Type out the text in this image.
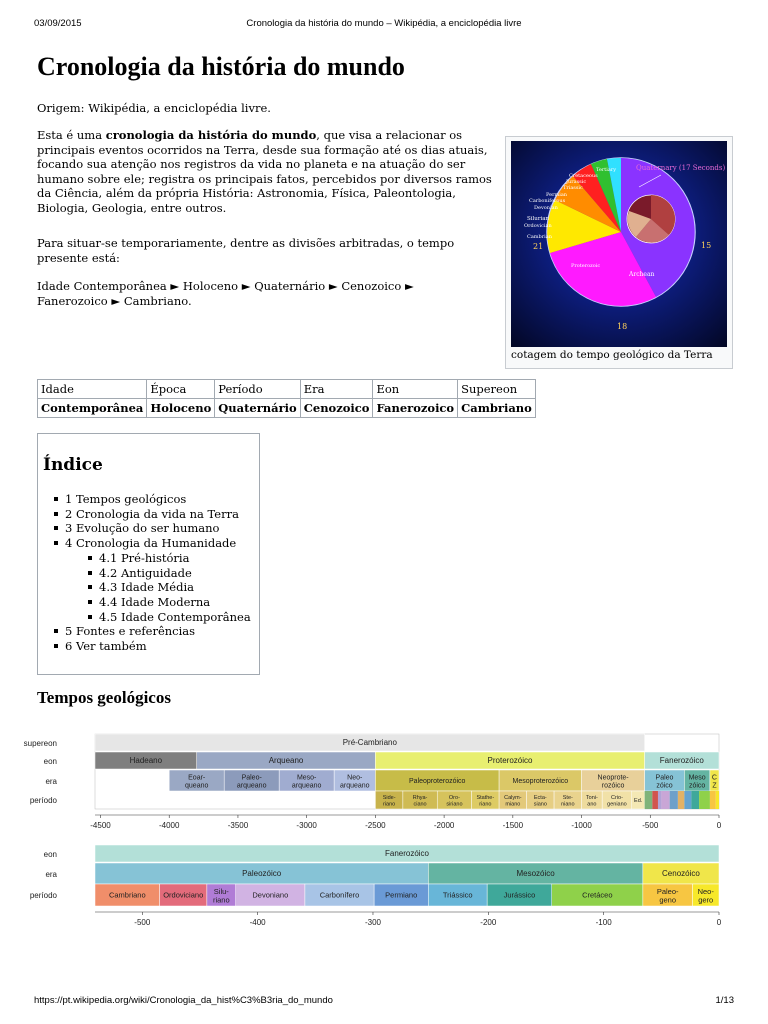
03/09/2015	Cronologia da história do mundo – Wikipédia, a enciclopédia livre
Cronologia da história do mundo
Origem: Wikipédia, a enciclopédia livre.

Esta é uma cronologia da história do mundo, que visa a relacionar os principais eventos ocorridos na Terra, desde sua formação até os dias atuais, focando sua atenção nos registros da vida no planeta e na atuação do ser humano sobre ele; registra os principais fatos, percebidos por diversos ramos da Ciência, além da própria História: Astronomia, Física, Paleontologia, Biologia, Geologia, entre outros.

Para situar-se temporariamente, dentre as divisões arbitradas, o tempo presente está:

Idade Contemporânea ► Holoceno ► Quaternário ► Cenozoico ► Fanerozoico ► Cambriano.

Quaternary (17 Seconds)
Tertiary
Cretaceous
Jurassic
Triassic
Permian
Carboniferous
Devonian
Silurian
Ordovician
Cambrian
Proterozoic
Archean
21	15
18
cotagem do tempo geológico da Terra
Idade	Época	Período	Era	Eon	Supereon
Contemporânea	Holoceno	Quaternário	Cenozoico	Fanerozoico	Cambriano
Índice
1 Tempos geológicos
2 Cronologia da vida na Terra
3 Evolução do ser humano
4 Cronologia da Humanidade
4.1 Pré-história
4.2 Antiguidade
4.3 Idade Média
4.4 Idade Moderna
4.5 Idade Contemporânea
5 Fontes e referências
6 Ver também
Tempos geológicos
supereon
eon
era
período
Pré-Cambriano
Hadeano	Arqueano	Proterozóico	Fanerozóico
Eoar-
queano
Paleo-
arqueano
Meso-
arqueano
Neo-
arqueano
Paleoproterozóico	Mesoproterozóico	Neoprote-
rozóico
Paleo
zóico
Meso
zóico
C
Z
Side-
riano
Rhya-
ciano
Oro-
siriano
Stathe-
riano
Calym-
miano
Ecta-
siano
Ste-
niano
Toni-
ano
Crio-
geniano
Ed.
-4500	-4000	-3500	-3000	-2500	-2000	-1500	-1000	-500	0
eon
era
período
Fanerozóico
Paleozóico	Mesozóico	Cenozóico
Cambriano Ordoviciano Silu-
riano
Devoniano	Carbonífero	Permiano	Triássico	Jurássico	Cretáceo	Paleo-
geno
Neo-
gero
-500	-400	-300	-200	-100	0
https://pt.wikipedia.org/wiki/Cronologia_da_hist%C3%B3ria_do_mundo	1/13
